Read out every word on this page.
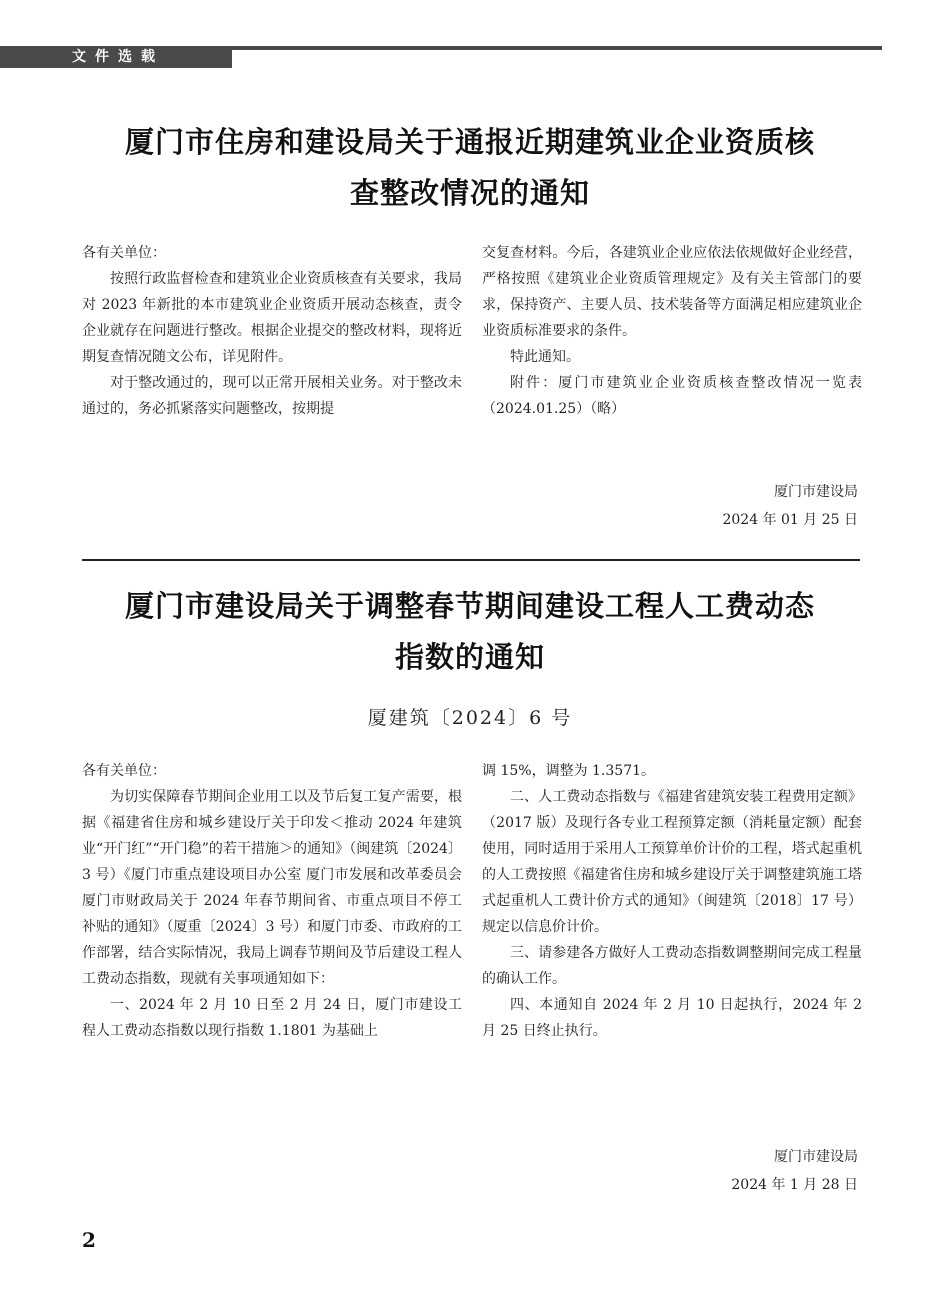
文件选载
厦门市住房和建设局关于通报近期建筑业企业资质核
查整改情况的通知

各有关单位：

按照行政监督检查和建筑业企业资质核查有关要求，我局对 2023 年新批的本市建筑业企业资质开展动态核查，责令企业就存在问题进行整改。根据企业提交的整改材料，现将近期复查情况随文公布，详见附件。

对于整改通过的，现可以正常开展相关业务。对于整改未通过的，务必抓紧落实问题整改，按期提

交复查材料。今后，各建筑业企业应依法依规做好企业经营，严格按照《建筑业企业资质管理规定》及有关主管部门的要求，保持资产、主要人员、技术装备等方面满足相应建筑业企业资质标准要求的条件。

特此通知。

附件：厦门市建筑业企业资质核查整改情况一览表（2024.01.25）（略）

厦门市建设局
2024 年 01 月 25 日
厦门市建设局关于调整春节期间建设工程人工费动态
指数的通知
厦建筑〔2024〕6 号

各有关单位：

为切实保障春节期间企业用工以及节后复工复产需要，根据《福建省住房和城乡建设厅关于印发＜推动 2024 年建筑业“开门红”“开门稳”的若干措施＞的通知》（闽建筑〔2024〕3 号）《厦门市重点建设项目办公室 厦门市发展和改革委员会 厦门市财政局关于 2024 年春节期间省、市重点项目不停工补贴的通知》（厦重〔2024〕3 号）和厦门市委、市政府的工作部署，结合实际情况，我局上调春节期间及节后建设工程人工费动态指数，现就有关事项通知如下：

一、2024 年 2 月 10 日至 2 月 24 日，厦门市建设工程人工费动态指数以现行指数 1.1801 为基础上

调 15%，调整为 1.3571。

二、人工费动态指数与《福建省建筑安装工程费用定额》（2017 版）及现行各专业工程预算定额（消耗量定额）配套使用，同时适用于采用人工预算单价计价的工程，塔式起重机的人工费按照《福建省住房和城乡建设厅关于调整建筑施工塔式起重机人工费计价方式的通知》（闽建筑〔2018〕17 号）规定以信息价计价。

三、请参建各方做好人工费动态指数调整期间完成工程量的确认工作。

四、本通知自 2024 年 2 月 10 日起执行，2024 年 2 月 25 日终止执行。

厦门市建设局
2024 年 1 月 28 日
2
